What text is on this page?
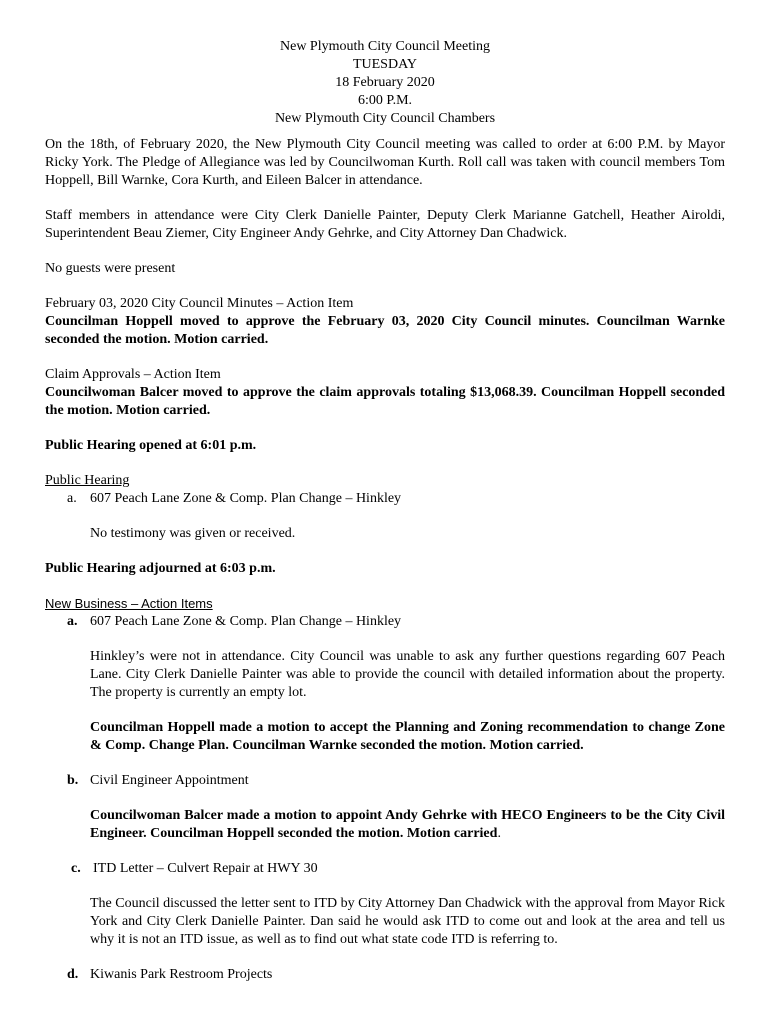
New Plymouth City Council Meeting
TUESDAY
18 February 2020
6:00 P.M.
New Plymouth City Council Chambers

On the 18th, of February 2020, the New Plymouth City Council meeting was called to order at 6:00 P.M. by Mayor Ricky York. The Pledge of Allegiance was led by Councilwoman Kurth. Roll call was taken with council members Tom Hoppell, Bill Warnke, Cora Kurth, and Eileen Balcer in attendance.

Staff members in attendance were City Clerk Danielle Painter, Deputy Clerk Marianne Gatchell, Heather Airoldi, Superintendent Beau Ziemer, City Engineer Andy Gehrke, and City Attorney Dan Chadwick.

No guests were present

February 03, 2020 City Council Minutes – Action Item

Councilman Hoppell moved to approve the February 03, 2020 City Council minutes. Councilman Warnke seconded the motion. Motion carried.

Claim Approvals – Action Item

Councilwoman Balcer moved to approve the claim approvals totaling $13,068.39. Councilman Hoppell seconded the motion. Motion carried.

Public Hearing opened at 6:01 p.m.

Public Hearing

a. 607 Peach Lane Zone & Comp. Plan Change – Hinkley

No testimony was given or received.

Public Hearing adjourned at 6:03 p.m.

New Business – Action Items

a. 607 Peach Lane Zone & Comp. Plan Change – Hinkley

Hinkley’s were not in attendance. City Council was unable to ask any further questions regarding 607 Peach Lane. City Clerk Danielle Painter was able to provide the council with detailed information about the property. The property is currently an empty lot.

Councilman Hoppell made a motion to accept the Planning and Zoning recommendation to change Zone & Comp. Change Plan. Councilman Warnke seconded the motion. Motion carried.

b. Civil Engineer Appointment

Councilwoman Balcer made a motion to appoint Andy Gehrke with HECO Engineers to be the City Civil Engineer. Councilman Hoppell seconded the motion. Motion carried.

c. ITD Letter – Culvert Repair at HWY 30

The Council discussed the letter sent to ITD by City Attorney Dan Chadwick with the approval from Mayor Rick York and City Clerk Danielle Painter. Dan said he would ask ITD to come out and look at the area and tell us why it is not an ITD issue, as well as to find out what state code ITD is referring to.

d. Kiwanis Park Restroom Projects
